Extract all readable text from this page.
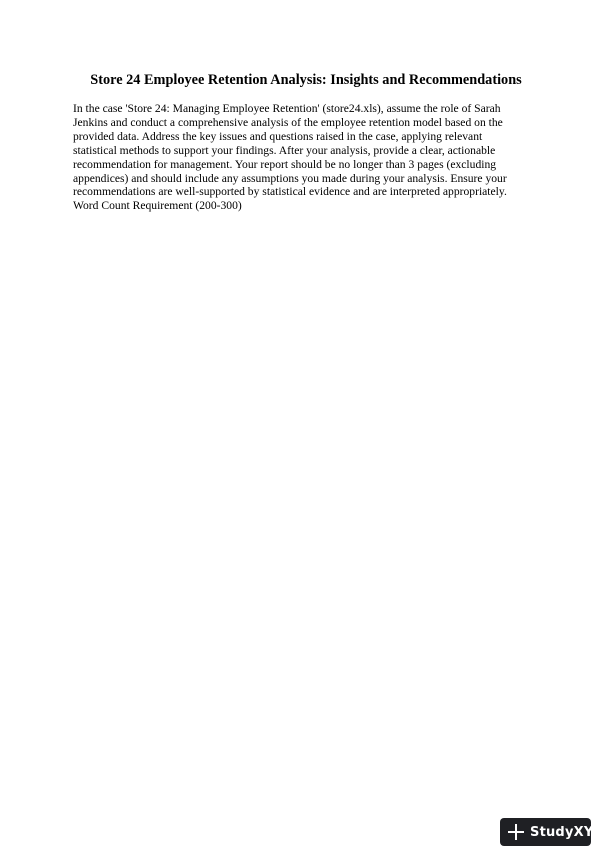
Store 24 Employee Retention Analysis: Insights and Recommendations

In the case 'Store 24: Managing Employee Retention' (store24.xls), assume the role of Sarah
Jenkins and conduct a comprehensive analysis of the employee retention model based on the
provided data. Address the key issues and questions raised in the case, applying relevant
statistical methods to support your findings. After your analysis, provide a clear, actionable
recommendation for management. Your report should be no longer than 3 pages (excluding
appendices) and should include any assumptions you made during your analysis. Ensure your
recommendations are well-supported by statistical evidence and are interpreted appropriately.
Word Count Requirement (200-300)

StudyXY
